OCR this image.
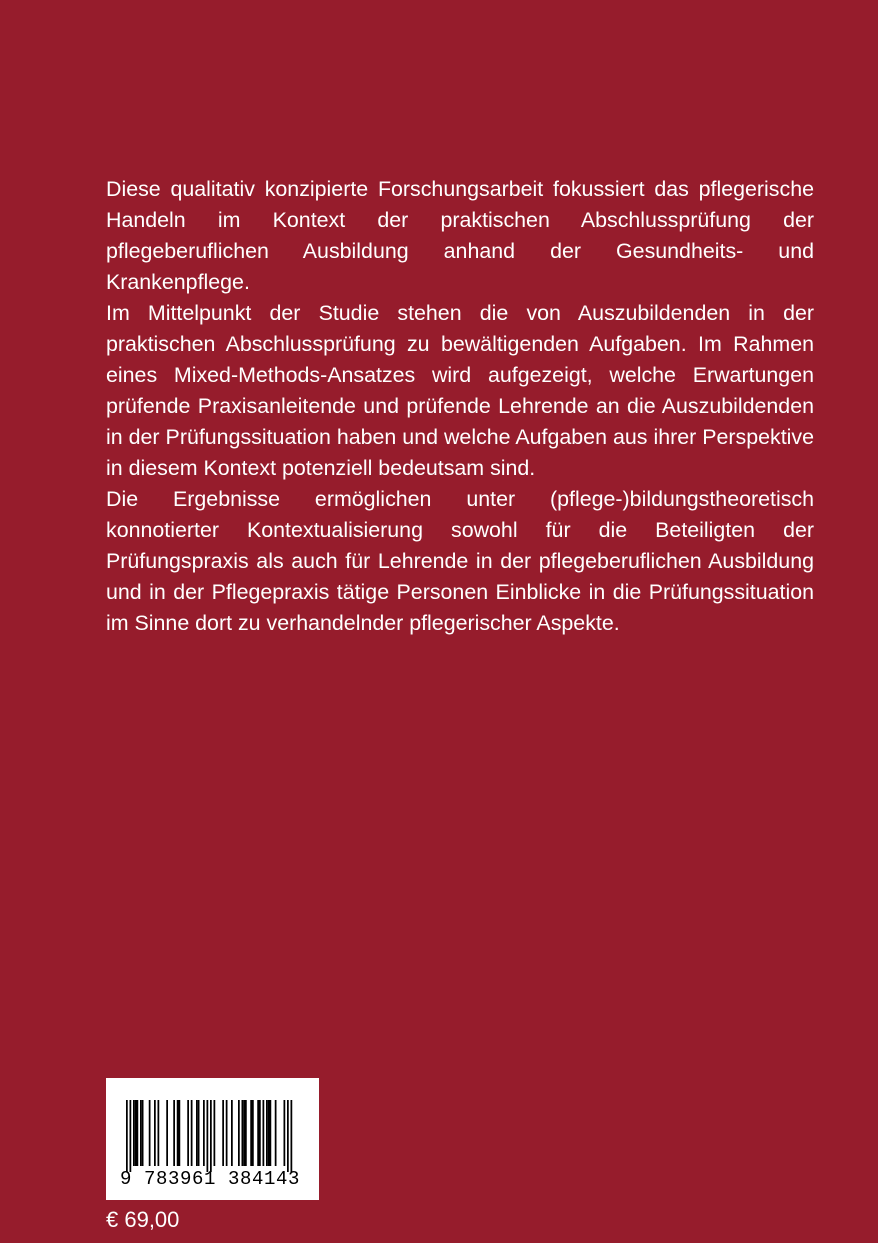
Diese qualitativ konzipierte Forschungsarbeit fokussiert das pflegerische Handeln im Kontext der praktischen Abschlussprüfung der pflegeberuflichen Ausbildung anhand der Gesundheits- und Krankenpflege.

Im Mittelpunkt der Studie stehen die von Auszubildenden in der praktischen Abschlussprüfung zu bewältigenden Aufgaben. Im Rahmen eines Mixed-Methods-Ansatzes wird aufgezeigt, welche Erwartungen prüfende Praxisanleitende und prüfende Lehrende an die Auszubildenden in der Prüfungssituation haben und welche Aufgaben aus ihrer Perspektive in diesem Kontext potenziell bedeutsam sind.

Die Ergebnisse ermöglichen unter (pflege-)bildungstheoretisch konnotierter Kontextualisierung sowohl für die Beteiligten der Prüfungspraxis als auch für Lehrende in der pflegeberuflichen Ausbildung und in der Pflegepraxis tätige Personen Einblicke in die Prüfungssituation im Sinne dort zu verhandelnder pflegerischer Aspekte.

9 783961 384143
€ 69,00
